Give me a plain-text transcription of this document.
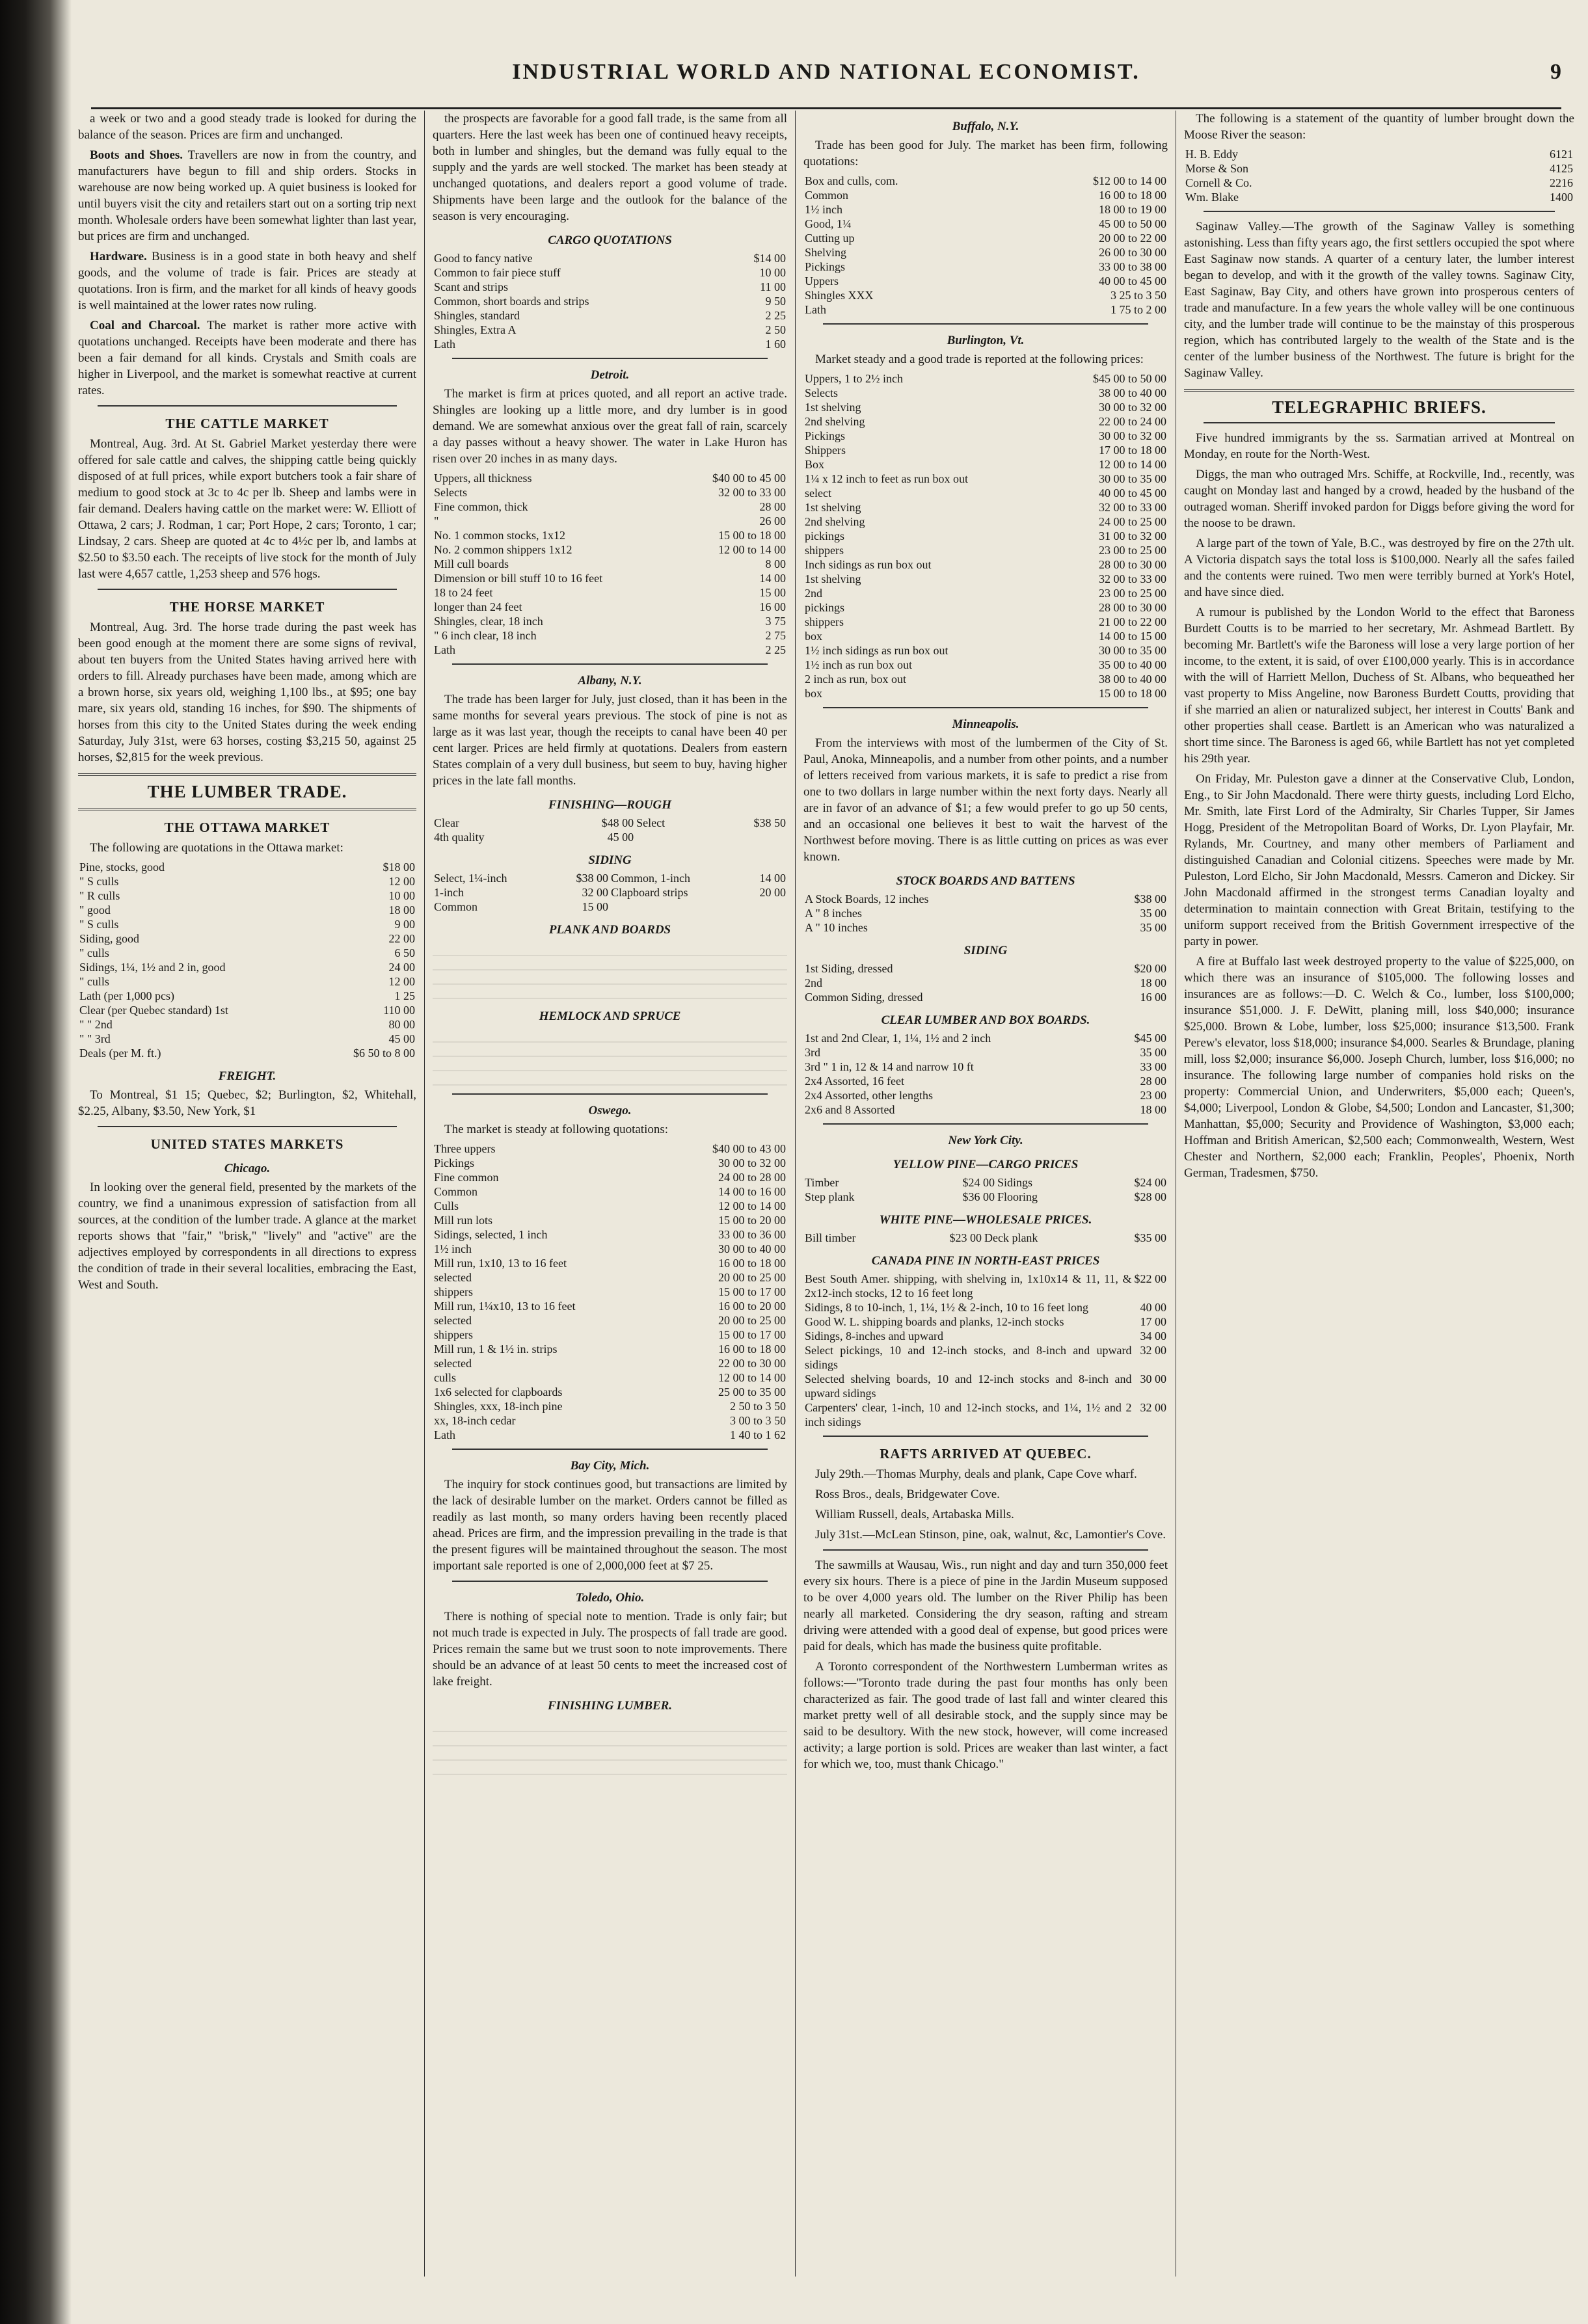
INDUSTRIAL WORLD AND NATIONAL ECONOMIST.	9

a week or two and a good steady trade is looked for during the balance of the season. Prices are firm and unchanged.

Boots and Shoes. Travellers are now in from the country, and manufacturers have begun to fill and ship orders. Stocks in warehouse are now being worked up. A quiet business is looked for until buyers visit the city and retailers start out on a sorting trip next month. Wholesale orders have been somewhat lighter than last year, but prices are firm and unchanged.

Hardware. Business is in a good state in both heavy and shelf goods, and the volume of trade is fair. Prices are steady at quotations. Iron is firm, and the market for all kinds of heavy goods is well maintained at the lower rates now ruling.

Coal and Charcoal. The market is rather more active with quotations unchanged. Receipts have been moderate and there has been a fair demand for all kinds. Crystals and Smith coals are higher in Liverpool, and the market is somewhat reactive at current rates.

THE CATTLE MARKET

Montreal, Aug. 3rd. At St. Gabriel Market yesterday there were offered for sale cattle and calves, the shipping cattle being quickly disposed of at full prices, while export butchers took a fair share of medium to good stock at 3c to 4c per lb. Sheep and lambs were in fair demand. Dealers having cattle on the market were: W. Elliott of Ottawa, 2 cars; J. Rodman, 1 car; Port Hope, 2 cars; Toronto, 1 car; Lindsay, 2 cars. Sheep are quoted at 4c to 4½c per lb, and lambs at $2.50 to $3.50 each. The receipts of live stock for the month of July last were 4,657 cattle, 1,253 sheep and 576 hogs.

THE HORSE MARKET

Montreal, Aug. 3rd. The horse trade during the past week has been good enough at the moment there are some signs of revival, about ten buyers from the United States having arrived here with orders to fill. Already purchases have been made, among which are a brown horse, six years old, weighing 1,100 lbs., at $95; one bay mare, six years old, standing 16 inches, for $90. The shipments of horses from this city to the United States during the week ending Saturday, July 31st, were 63 horses, costing $3,215 50, against 25 horses, $2,815 for the week previous.

THE LUMBER TRADE.
THE OTTAWA MARKET

The following are quotations in the Ottawa market:

Pine, stocks, good	$18 00
" S culls	12 00
" R culls	10 00
" good	18 00
" S culls	9 00
Siding, good	22 00
" culls	6 50
Sidings, 1¼, 1½ and 2 in, good	24 00
" culls	12 00
Lath (per 1,000 pcs)	1 25
Clear (per Quebec standard) 1st	110 00
" " 2nd	80 00
" " 3rd	45 00
Deals (per M. ft.)	$6 50 to 8 00
FREIGHT.

To Montreal, $1 15; Quebec, $2; Burlington, $2, Whitehall, $2.25, Albany, $3.50, New York, $1

UNITED STATES MARKETS
Chicago.

In looking over the general field, presented by the markets of the country, we find a unanimous expression of satisfaction from all sources, at the condition of the lumber trade. A glance at the market reports shows that "fair," "brisk," "lively" and "active" are the adjectives employed by correspondents in all directions to express the condition of trade in their several localities, embracing the East, West and South.

the prospects are favorable for a good fall trade, is the same from all quarters. Here the last week has been one of continued heavy receipts, both in lumber and shingles, but the demand was fully equal to the supply and the yards are well stocked. The market has been steady at unchanged quotations, and dealers report a good volume of trade. Shipments have been large and the outlook for the balance of the season is very encouraging.

CARGO QUOTATIONS
Good to fancy native	$14 00
Common to fair piece stuff	10 00
Scant and strips	11 00
Common, short boards and strips	9 50
Shingles, standard	2 25
Shingles, Extra A	2 50
Lath	1 60
Detroit.

The market is firm at prices quoted, and all report an active trade. Shingles are looking up a little more, and dry lumber is in good demand. We are somewhat anxious over the great fall of rain, scarcely a day passes without a heavy shower. The water in Lake Huron has risen over 20 inches in as many days.

Uppers, all thickness	$40 00 to 45 00
Selects	32 00 to 33 00
Fine common, thick	28 00
"	26 00
No. 1 common stocks, 1x12	15 00 to 18 00
No. 2 common shippers 1x12	12 00 to 14 00
Mill cull boards	8 00
Dimension or bill stuff 10 to 16 feet	14 00
18 to 24 feet	15 00
longer than 24 feet	16 00
Shingles, clear, 18 inch	3 75
" 6 inch clear, 18 inch	2 75
Lath	2 25
Albany, N.Y.

The trade has been larger for July, just closed, than it has been in the same months for several years previous. The stock of pine is not as large as it was last year, though the receipts to canal have been 40 per cent larger. Prices are held firmly at quotations. Dealers from eastern States complain of a very dull business, but seem to buy, having higher prices in the late fall months.

FINISHING—ROUGH
Clear	$48 00	Select	$38 50
4th quality	45 00		
SIDING
Select, 1¼-inch	$38 00	Common, 1-inch	14 00
1-inch	32 00	Clapboard strips	20 00
Common	15 00		
PLANK AND BOARDS
HEMLOCK AND SPRUCE
Oswego.

The market is steady at following quotations:

Three uppers	$40 00 to 43 00
Pickings	30 00 to 32 00
Fine common	24 00 to 28 00
Common	14 00 to 16 00
Culls	12 00 to 14 00
Mill run lots	15 00 to 20 00
Sidings, selected, 1 inch	33 00 to 36 00
1½ inch	30 00 to 40 00
Mill run, 1x10, 13 to 16 feet	16 00 to 18 00
selected	20 00 to 25 00
shippers	15 00 to 17 00
Mill run, 1¼x10, 13 to 16 feet	16 00 to 20 00
selected	20 00 to 25 00
shippers	15 00 to 17 00
Mill run, 1 & 1½ in. strips	16 00 to 18 00
selected	22 00 to 30 00
culls	12 00 to 14 00
1x6 selected for clapboards	25 00 to 35 00
Shingles, xxx, 18-inch pine	2 50 to 3 50
xx, 18-inch cedar	3 00 to 3 50
Lath	1 40 to 1 62
Bay City, Mich.

The inquiry for stock continues good, but transactions are limited by the lack of desirable lumber on the market. Orders cannot be filled as readily as last month, so many orders having been recently placed ahead. Prices are firm, and the impression prevailing in the trade is that the present figures will be maintained throughout the season. The most important sale reported is one of 2,000,000 feet at $7 25.

Toledo, Ohio.

There is nothing of special note to mention. Trade is only fair; but not much trade is expected in July. The prospects of fall trade are good. Prices remain the same but we trust soon to note improvements. There should be an advance of at least 50 cents to meet the increased cost of lake freight.

FINISHING LUMBER.
Buffalo, N.Y.

Trade has been good for July. The market has been firm, following quotations:

Box and culls, com.	$12 00 to 14 00
Common	16 00 to 18 00
1½ inch	18 00 to 19 00
Good, 1¼	45 00 to 50 00
Cutting up	20 00 to 22 00
Shelving	26 00 to 30 00
Pickings	33 00 to 38 00
Uppers	40 00 to 45 00
Shingles XXX	3 25 to 3 50
Lath	1 75 to 2 00
Burlington, Vt.

Market steady and a good trade is reported at the following prices:

Uppers, 1 to 2½ inch	$45 00 to 50 00
Selects	38 00 to 40 00
1st shelving	30 00 to 32 00
2nd shelving	22 00 to 24 00
Pickings	30 00 to 32 00
Shippers	17 00 to 18 00
Box	12 00 to 14 00
1¼ x 12 inch to feet as run box out	30 00 to 35 00
select	40 00 to 45 00
1st shelving	32 00 to 33 00
2nd shelving	24 00 to 25 00
pickings	31 00 to 32 00
shippers	23 00 to 25 00
Inch sidings as run box out	28 00 to 30 00
1st shelving	32 00 to 33 00
2nd	23 00 to 25 00
pickings	28 00 to 30 00
shippers	21 00 to 22 00
box	14 00 to 15 00
1½ inch sidings as run box out	30 00 to 35 00
1½ inch as run box out	35 00 to 40 00
2 inch as run, box out	38 00 to 40 00
box	15 00 to 18 00
Minneapolis.

From the interviews with most of the lumbermen of the City of St. Paul, Anoka, Minneapolis, and a number from other points, and a number of letters received from various markets, it is safe to predict a rise from one to two dollars in large number within the next forty days. Nearly all are in favor of an advance of $1; a few would prefer to go up 50 cents, and an occasional one believes it best to wait the harvest of the Northwest before moving. There is as little cutting on prices as was ever known.

STOCK BOARDS AND BATTENS
A Stock Boards, 12 inches	$38 00
A " 8 inches	35 00
A " 10 inches	35 00
SIDING
1st Siding, dressed	$20 00
2nd	18 00
Common Siding, dressed	16 00
CLEAR LUMBER AND BOX BOARDS.
1st and 2nd Clear, 1, 1¼, 1½ and 2 inch	$45 00
3rd	35 00
3rd " 1 in, 12 & 14 and narrow 10 ft	33 00
2x4 Assorted, 16 feet	28 00
2x4 Assorted, other lengths	23 00
2x6 and 8 Assorted	18 00
New York City.
YELLOW PINE—CARGO PRICES
Timber	$24 00	Sidings	$24 00
Step plank	$36 00	Flooring	$28 00
WHITE PINE—WHOLESALE PRICES.
Bill timber	$23 00	Deck plank	$35 00
CANADA PINE IN NORTH-EAST PRICES
Best South Amer. shipping, with shelving in, 1x10x14 & 11, 11, & 2x12-inch stocks, 12 to 16 feet long	$22 00
Sidings, 8 to 10-inch, 1, 1¼, 1½ & 2-inch, 10 to 16 feet long	40 00
Good W. L. shipping boards and planks, 12-inch stocks	17 00
Sidings, 8-inches and upward	34 00
Select pickings, 10 and 12-inch stocks, and 8-inch and upward sidings	32 00
Selected shelving boards, 10 and 12-inch stocks and 8-inch and upward sidings	30 00
Carpenters' clear, 1-inch, 10 and 12-inch stocks, and 1¼, 1½ and 2 inch sidings	32 00
RAFTS ARRIVED AT QUEBEC.

July 29th.—Thomas Murphy, deals and plank, Cape Cove wharf.

Ross Bros., deals, Bridgewater Cove.

William Russell, deals, Artabaska Mills.

July 31st.—McLean Stinson, pine, oak, walnut, &c, Lamontier's Cove.

The sawmills at Wausau, Wis., run night and day and turn 350,000 feet every six hours. There is a piece of pine in the Jardin Museum supposed to be over 4,000 years old. The lumber on the River Philip has been nearly all marketed. Considering the dry season, rafting and stream driving were attended with a good deal of expense, but good prices were paid for deals, which has made the business quite profitable.

A Toronto correspondent of the Northwestern Lumberman writes as follows:—"Toronto trade during the past four months has only been characterized as fair. The good trade of last fall and winter cleared this market pretty well of all desirable stock, and the supply since may be said to be desultory. With the new stock, however, will come increased activity; a large portion is sold. Prices are weaker than last winter, a fact for which we, too, must thank Chicago."

The following is a statement of the quantity of lumber brought down the Moose River the season:

H. B. Eddy	6121
Morse & Son	4125
Cornell & Co.	2216
Wm. Blake	1400

Saginaw Valley.—The growth of the Saginaw Valley is something astonishing. Less than fifty years ago, the first settlers occupied the spot where East Saginaw now stands. A quarter of a century later, the lumber interest began to develop, and with it the growth of the valley towns. Saginaw City, East Saginaw, Bay City, and others have grown into prosperous centers of trade and manufacture. In a few years the whole valley will be one continuous city, and the lumber trade will continue to be the mainstay of this prosperous region, which has contributed largely to the wealth of the State and is the center of the lumber business of the Northwest. The future is bright for the Saginaw Valley.

TELEGRAPHIC BRIEFS.

Five hundred immigrants by the ss. Sarmatian arrived at Montreal on Monday, en route for the North-West.

Diggs, the man who outraged Mrs. Schiffe, at Rockville, Ind., recently, was caught on Monday last and hanged by a crowd, headed by the husband of the outraged woman. Sheriff invoked pardon for Diggs before giving the word for the noose to be drawn.

A large part of the town of Yale, B.C., was destroyed by fire on the 27th ult. A Victoria dispatch says the total loss is $100,000. Nearly all the safes failed and the contents were ruined. Two men were terribly burned at York's Hotel, and have since died.

A rumour is published by the London World to the effect that Baroness Burdett Coutts is to be married to her secretary, Mr. Ashmead Bartlett. By becoming Mr. Bartlett's wife the Baroness will lose a very large portion of her income, to the extent, it is said, of over £100,000 yearly. This is in accordance with the will of Harriett Mellon, Duchess of St. Albans, who bequeathed her vast property to Miss Angeline, now Baroness Burdett Coutts, providing that if she married an alien or naturalized subject, her interest in Coutts' Bank and other properties shall cease. Bartlett is an American who was naturalized a short time since. The Baroness is aged 66, while Bartlett has not yet completed his 29th year.

On Friday, Mr. Puleston gave a dinner at the Conservative Club, London, Eng., to Sir John Macdonald. There were thirty guests, including Lord Elcho, Mr. Smith, late First Lord of the Admiralty, Sir Charles Tupper, Sir James Hogg, President of the Metropolitan Board of Works, Dr. Lyon Playfair, Mr. Rylands, Mr. Courtney, and many other members of Parliament and distinguished Canadian and Colonial citizens. Speeches were made by Mr. Puleston, Lord Elcho, Sir John Macdonald, Messrs. Cameron and Dickey. Sir John Macdonald affirmed in the strongest terms Canadian loyalty and determination to maintain connection with Great Britain, testifying to the uniform support received from the British Government irrespective of the party in power.

A fire at Buffalo last week destroyed property to the value of $225,000, on which there was an insurance of $105,000. The following losses and insurances are as follows:—D. C. Welch & Co., lumber, loss $100,000; insurance $51,000. J. F. DeWitt, planing mill, loss $40,000; insurance $25,000. Brown & Lobe, lumber, loss $25,000; insurance $13,500. Frank Perew's elevator, loss $18,000; insurance $4,000. Searles & Brundage, planing mill, loss $2,000; insurance $6,000. Joseph Church, lumber, loss $16,000; no insurance. The following large number of companies hold risks on the property: Commercial Union, and Underwriters, $5,000 each; Queen's, $4,000; Liverpool, London & Globe, $4,500; London and Lancaster, $1,300; Manhattan, $5,000; Security and Providence of Washington, $3,000 each; Hoffman and British American, $2,500 each; Commonwealth, Western, West Chester and Northern, $2,000 each; Franklin, Peoples', Phoenix, North German, Tradesmen, $750.
